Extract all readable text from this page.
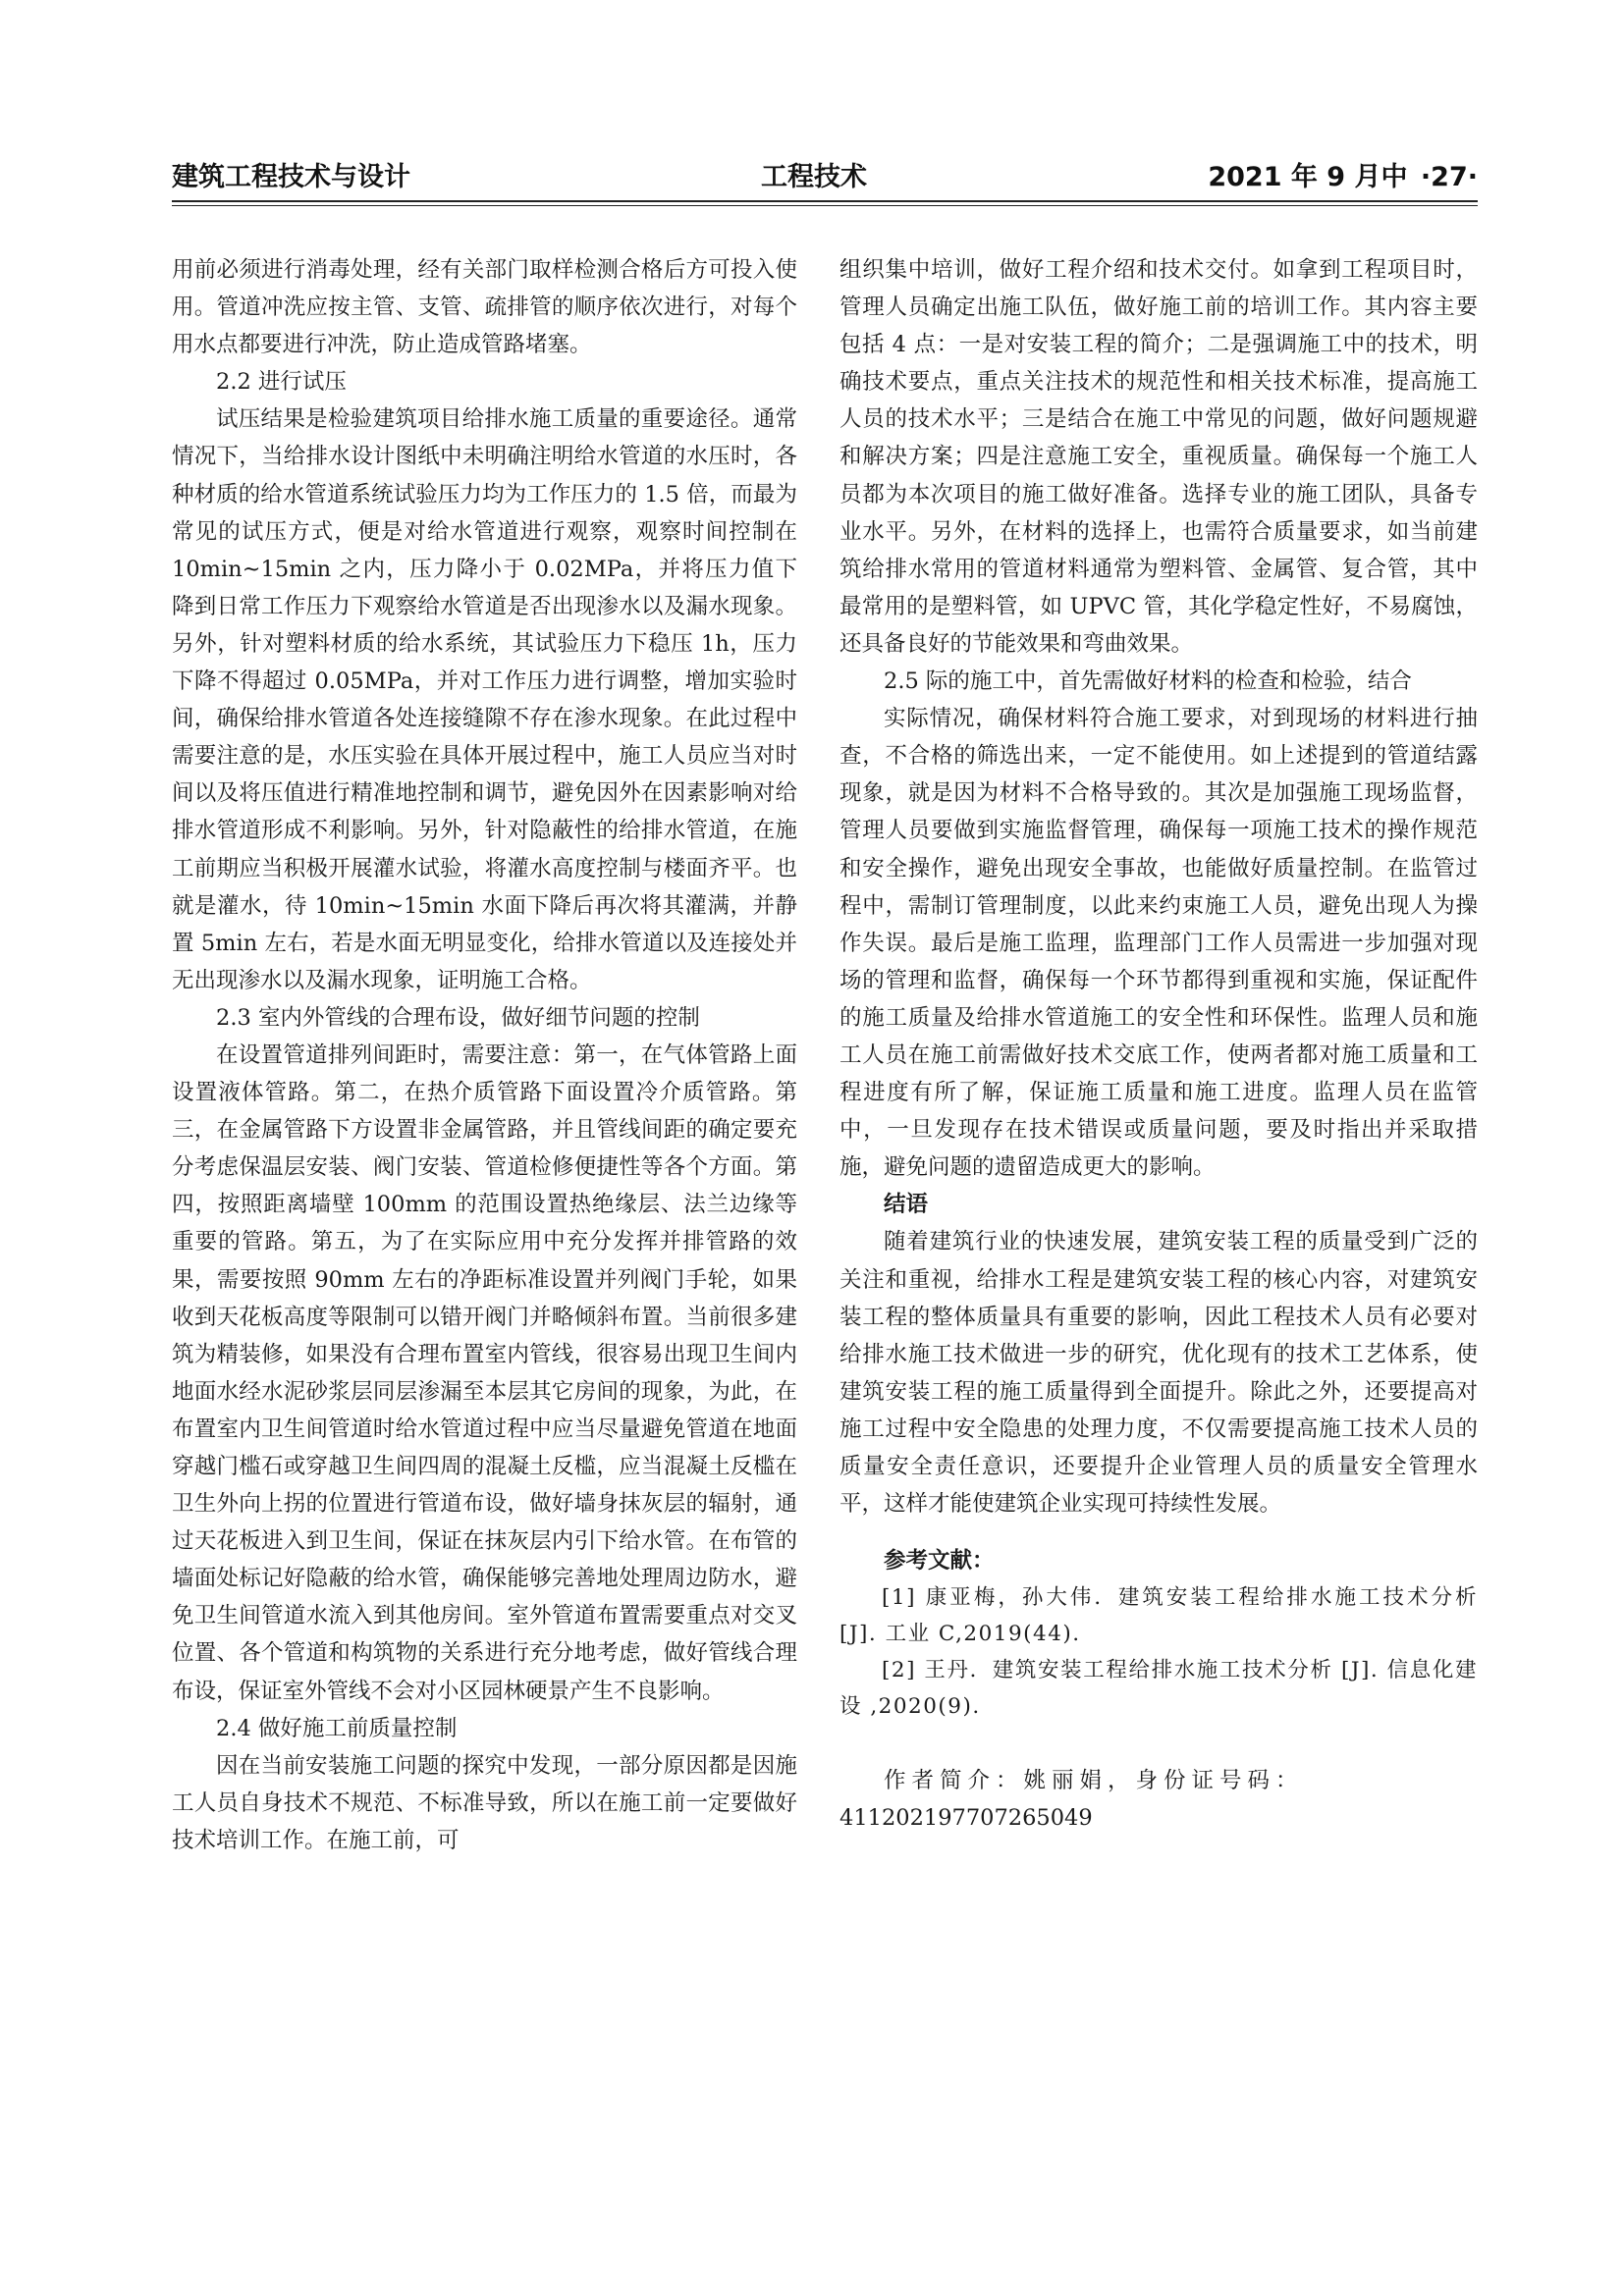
建筑工程技术与设计	工程技术	2021 年 9 月中 ·27·

用前必须进行消毒处理，经有关部门取样检测合格后方可投入使用。管道冲洗应按主管、支管、疏排管的顺序依次进行，对每个用水点都要进行冲洗，防止造成管路堵塞。

2.2 进行试压

试压结果是检验建筑项目给排水施工质量的重要途径。通常情况下，当给排水设计图纸中未明确注明给水管道的水压时，各种材质的给水管道系统试验压力均为工作压力的 1.5 倍，而最为常见的试压方式，便是对给水管道进行观察，观察时间控制在 10min~15min 之内，压力降小于 0.02MPa，并将压力值下降到日常工作压力下观察给水管道是否出现渗水以及漏水现象。另外，针对塑料材质的给水系统，其试验压力下稳压 1h，压力下降不得超过 0.05MPa，并对工作压力进行调整，增加实验时间，确保给排水管道各处连接缝隙不存在渗水现象。在此过程中需要注意的是，水压实验在具体开展过程中，施工人员应当对时间以及将压值进行精准地控制和调节，避免因外在因素影响对给排水管道形成不利影响。另外，针对隐蔽性的给排水管道，在施工前期应当积极开展灌水试验，将灌水高度控制与楼面齐平。也就是灌水，待 10min~15min 水面下降后再次将其灌满，并静置 5min 左右，若是水面无明显变化，给排水管道以及连接处并无出现渗水以及漏水现象，证明施工合格。

2.3 室内外管线的合理布设，做好细节问题的控制

在设置管道排列间距时，需要注意：第一，在气体管路上面设置液体管路。第二，在热介质管路下面设置冷介质管路。第三，在金属管路下方设置非金属管路，并且管线间距的确定要充分考虑保温层安装、阀门安装、管道检修便捷性等各个方面。第四，按照距离墙壁 100mm 的范围设置热绝缘层、法兰边缘等重要的管路。第五，为了在实际应用中充分发挥并排管路的效果，需要按照 90mm 左右的净距标准设置并列阀门手轮，如果收到天花板高度等限制可以错开阀门并略倾斜布置。当前很多建筑为精装修，如果没有合理布置室内管线，很容易出现卫生间内地面水经水泥砂浆层同层渗漏至本层其它房间的现象，为此，在布置室内卫生间管道时给水管道过程中应当尽量避免管道在地面穿越门槛石或穿越卫生间四周的混凝土反槛，应当混凝土反槛在卫生外向上拐的位置进行管道布设，做好墙身抹灰层的辐射，通过天花板进入到卫生间，保证在抹灰层内引下给水管。在布管的墙面处标记好隐蔽的给水管，确保能够完善地处理周边防水，避免卫生间管道水流入到其他房间。室外管道布置需要重点对交叉位置、各个管道和构筑物的关系进行充分地考虑，做好管线合理布设，保证室外管线不会对小区园林硬景产生不良影响。

2.4 做好施工前质量控制

因在当前安装施工问题的探究中发现，一部分原因都是因施工人员自身技术不规范、不标准导致，所以在施工前一定要做好技术培训工作。在施工前，可

组织集中培训，做好工程介绍和技术交付。如拿到工程项目时，管理人员确定出施工队伍，做好施工前的培训工作。其内容主要包括 4 点：一是对安装工程的简介；二是强调施工中的技术，明确技术要点，重点关注技术的规范性和相关技术标准，提高施工人员的技术水平；三是结合在施工中常见的问题，做好问题规避和解决方案；四是注意施工安全，重视质量。确保每一个施工人员都为本次项目的施工做好准备。选择专业的施工团队，具备专业水平。另外，在材料的选择上，也需符合质量要求，如当前建筑给排水常用的管道材料通常为塑料管、金属管、复合管，其中最常用的是塑料管，如 UPVC 管，其化学稳定性好，不易腐蚀，还具备良好的节能效果和弯曲效果。

2.5 际的施工中，首先需做好材料的检查和检验，结合

实际情况，确保材料符合施工要求，对到现场的材料进行抽查，不合格的筛选出来，一定不能使用。如上述提到的管道结露现象，就是因为材料不合格导致的。其次是加强施工现场监督，管理人员要做到实施监督管理，确保每一项施工技术的操作规范和安全操作，避免出现安全事故，也能做好质量控制。在监管过程中，需制订管理制度，以此来约束施工人员，避免出现人为操作失误。最后是施工监理，监理部门工作人员需进一步加强对现场的管理和监督，确保每一个环节都得到重视和实施，保证配件的施工质量及给排水管道施工的安全性和环保性。监理人员和施工人员在施工前需做好技术交底工作，使两者都对施工质量和工程进度有所了解，保证施工质量和施工进度。监理人员在监管中，一旦发现存在技术错误或质量问题，要及时指出并采取措施，避免问题的遗留造成更大的影响。

结语

随着建筑行业的快速发展，建筑安装工程的质量受到广泛的关注和重视，给排水工程是建筑安装工程的核心内容，对建筑安装工程的整体质量具有重要的影响，因此工程技术人员有必要对给排水施工技术做进一步的研究，优化现有的技术工艺体系，使建筑安装工程的施工质量得到全面提升。除此之外，还要提高对施工过程中安全隐患的处理力度，不仅需要提高施工技术人员的质量安全责任意识，还要提升企业管理人员的质量安全管理水平，这样才能使建筑企业实现可持续性发展。

参考文献：

[1] 康亚梅，孙大伟．建筑安装工程给排水施工技术分析 [J]. 工业 C,2019(44).

[2] 王丹．建筑安装工程给排水施工技术分析 [J]. 信息化建设 ,2020(9).

作者简介：姚丽娟，身份证号码：

411202197707265049
